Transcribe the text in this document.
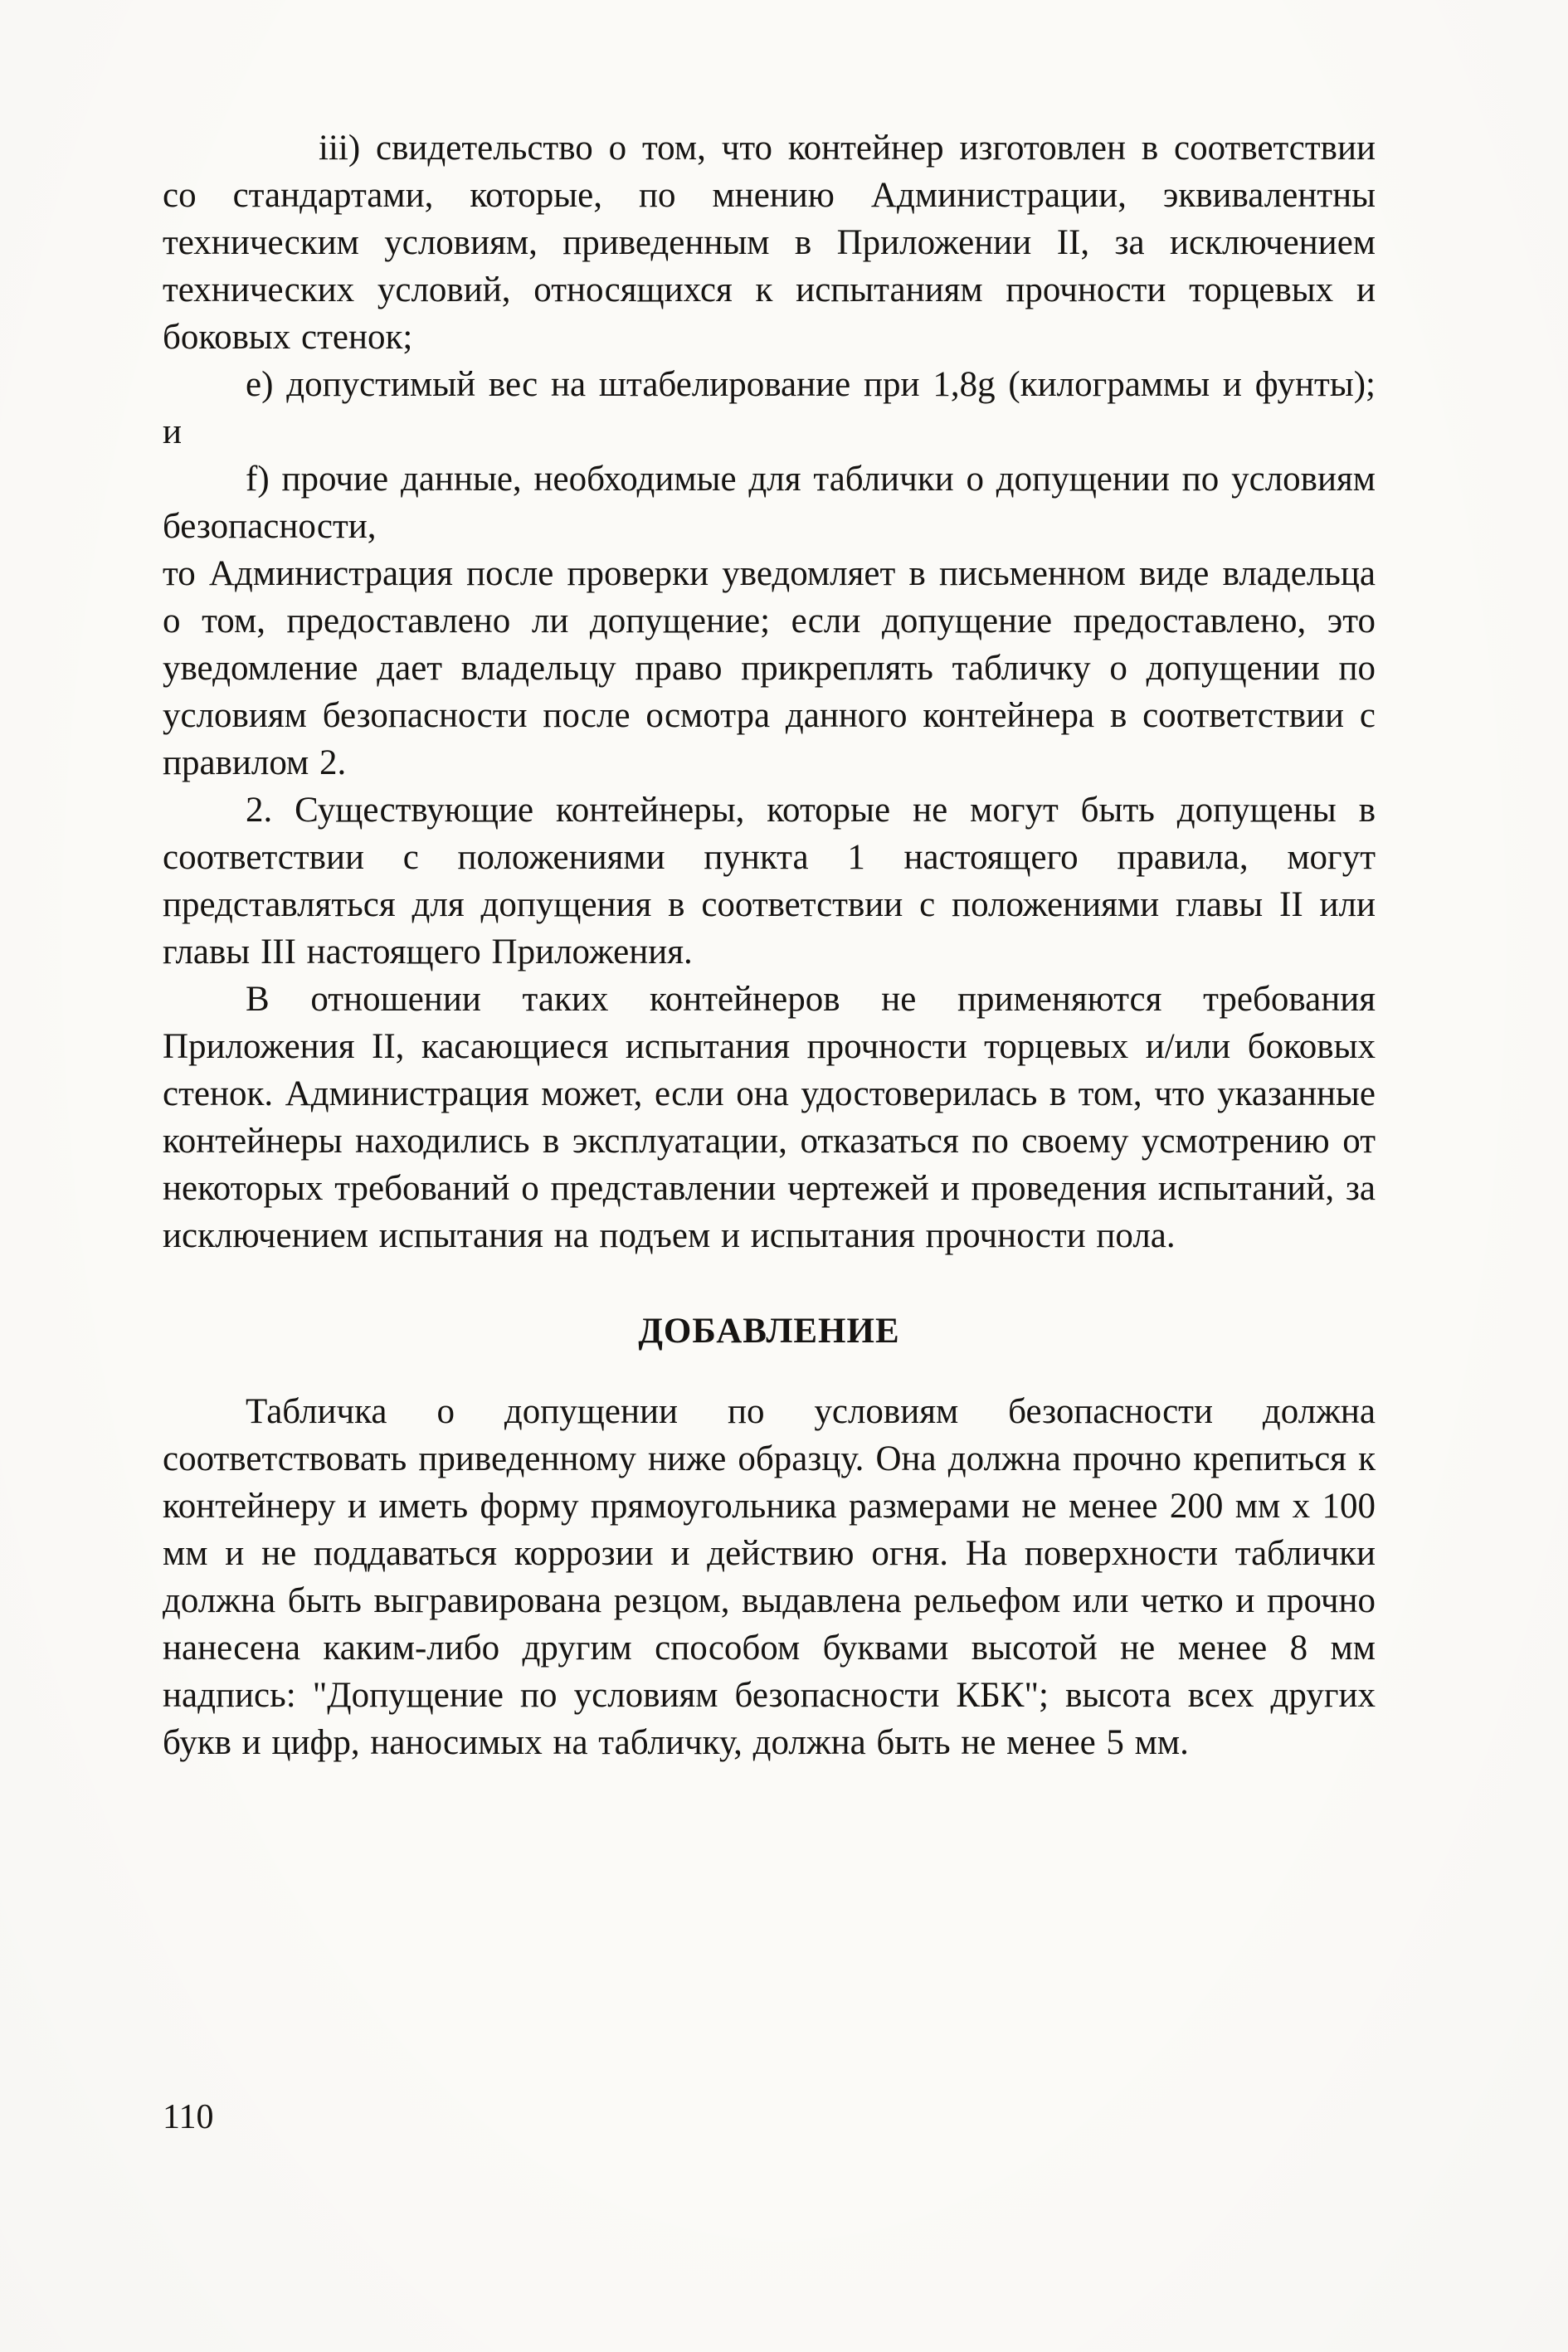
iii) свидетельство о том, что контейнер изготовлен в соответствии со стандартами, которые, по мнению Администрации, эквивалентны техническим условиям, приведенным в Приложении II, за исключением технических условий, относящихся к испытаниям прочности торцевых и боковых стенок;

е) допустимый вес на штабелирование при 1,8g (килограммы и фунты); и

f) прочие данные, необходимые для таблички о допущении по условиям безопасности,

то Администрация после проверки уведомляет в письменном виде владельца о том, предоставлено ли допущение; если допущение предоставлено, это уведомление дает владельцу право прикреплять табличку о допущении по условиям безопасности после осмотра данного контейнера в соответствии с правилом 2.

2. Существующие контейнеры, которые не могут быть допущены в соответствии с положениями пункта 1 настоящего правила, могут представляться для допущения в соответствии с положениями главы II или главы III настоящего Приложения.

В отношении таких контейнеров не применяются требования Приложения II, касающиеся испытания прочности торцевых и/или боковых стенок. Администрация может, если она удостоверилась в том, что указанные контейнеры находились в эксплуатации, отказаться по своему усмотрению от некоторых требований о представлении чертежей и проведения испытаний, за исключением испытания на подъем и испытания прочности пола.

ДОБАВЛЕНИЕ

Табличка о допущении по условиям безопасности должна соответствовать приведенному ниже образцу. Она должна прочно крепиться к контейнеру и иметь форму прямоугольника размерами не менее 200 мм x 100 мм и не поддаваться коррозии и действию огня. На поверхности таблички должна быть выгравирована резцом, выдавлена рельефом или четко и прочно нанесена каким-либо другим способом буквами высотой не менее 8 мм надпись: "Допущение по условиям безопасности КБК"; высота всех других букв и цифр, наносимых на табличку, должна быть не менее 5 мм.

110
